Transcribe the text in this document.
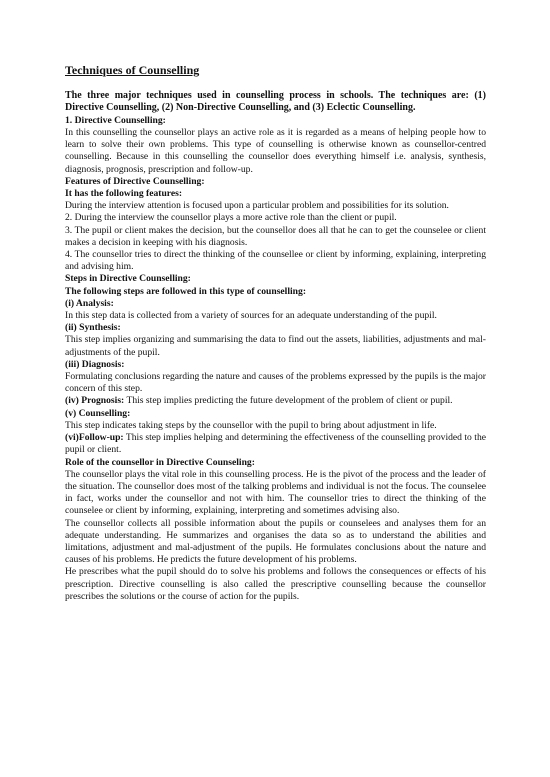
Techniques of Counselling

The three major techniques used in counselling process in schools. The techniques are: (1) Directive Counselling, (2) Non-Directive Counselling, and (3) Eclectic Counselling.

1. Directive Counselling:

In this counselling the counsellor plays an active role as it is regarded as a means of helping people how to learn to solve their own problems. This type of counselling is otherwise known as counsellor-centred counselling. Because in this counselling the counsellor does everything himself i.e. analysis, synthesis, diagnosis, prognosis, prescription and follow-up.

Features of Directive Counselling:

It has the following features:

During the interview attention is focused upon a particular problem and possibilities for its solution.

2. During the interview the counsellor plays a more active role than the client or pupil.

3. The pupil or client makes the decision, but the counsellor does all that he can to get the counselee or client makes a decision in keeping with his diagnosis.

4. The counsellor tries to direct the thinking of the counsellee or client by informing, explaining, interpreting and advising him.

Steps in Directive Counselling:

The following steps are followed in this type of counselling:

(i) Analysis:

In this step data is collected from a variety of sources for an adequate understanding of the pupil.

(ii) Synthesis:

This step implies organizing and summarising the data to find out the assets, liabilities, adjustments and mal-adjustments of the pupil.

(iii) Diagnosis:

Formulating conclusions regarding the nature and causes of the problems expressed by the pupils is the major concern of this step.

(iv) Prognosis: This step implies predicting the future development of the problem of client or pupil.

(v) Counselling:

This step indicates taking steps by the counsellor with the pupil to bring about adjustment in life.

(vi)Follow-up: This step implies helping and determining the effectiveness of the counselling provided to the pupil or client.

Role of the counsellor in Directive Counseling:

The counsellor plays the vital role in this counselling process. He is the pivot of the process and the leader of the situation. The counsellor does most of the talking problems and individual is not the focus. The counselee in fact, works under the counsellor and not with him. The counsellor tries to direct the thinking of the counselee or client by informing, explaining, interpreting and sometimes advising also.

The counsellor collects all possible information about the pupils or counselees and analyses them for an adequate understanding. He summarizes and organises the data so as to understand the abilities and limitations, adjustment and mal-adjustment of the pupils. He formulates conclusions about the nature and causes of his problems. He predicts the future development of his problems.

He prescribes what the pupil should do to solve his problems and follows the consequences or effects of his prescription. Directive counselling is also called the prescriptive counselling because the counsellor prescribes the solutions or the course of action for the pupils.
